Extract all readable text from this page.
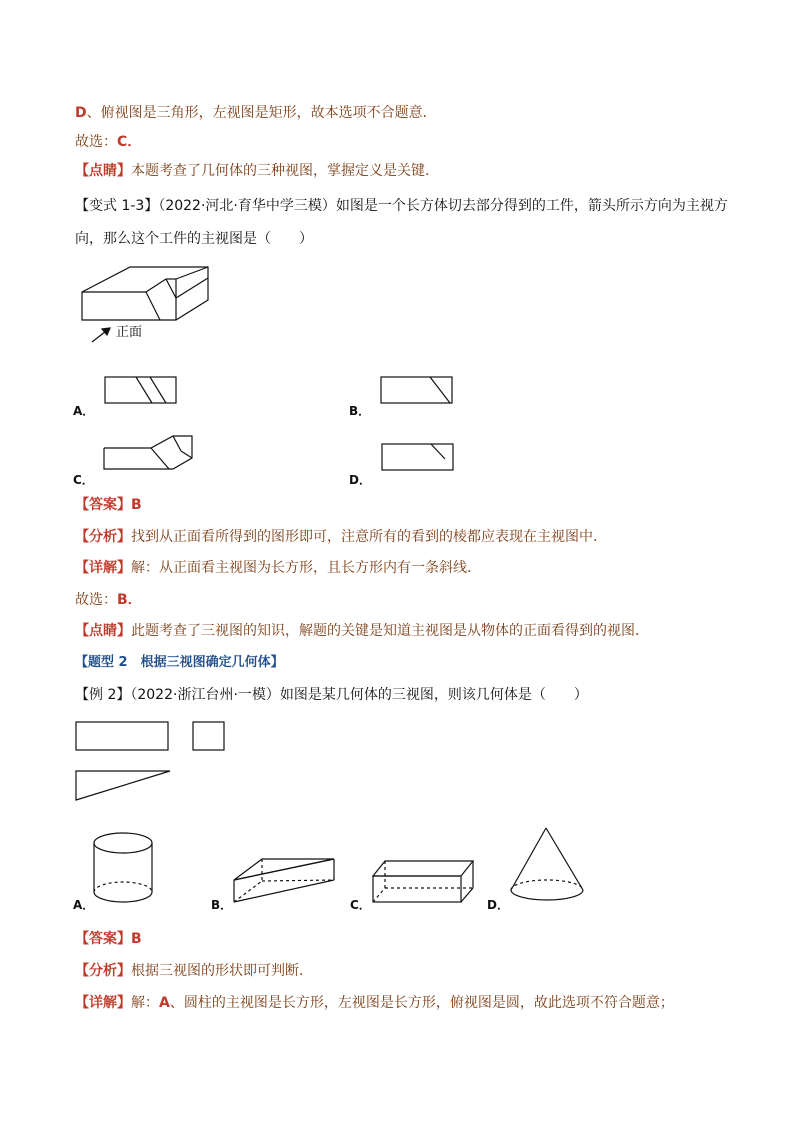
D、俯视图是三角形，左视图是矩形，故本选项不合题意．
故选：C．
【点睛】本题考查了几何体的三种视图，掌握定义是关键．
【变式 1-3】（2022·河北·育华中学三模）如图是一个长方体切去部分得到的工件，箭头所示方向为主视方
向，那么这个工件的主视图是（　　）
正面
A．	B．
C．	D．
【答案】B
【分析】找到从正面看所得到的图形即可，注意所有的看到的棱都应表现在主视图中．
【详解】解：从正面看主视图为长方形，且长方形内有一条斜线．
故选：B．
【点睛】此题考查了三视图的知识，解题的关键是知道主视图是从物体的正面看得到的视图．
【题型 2　根据三视图确定几何体】
【例 2】（2022·浙江台州·一模）如图是某几何体的三视图，则该几何体是（　　）
A．	B．	C．	D．
【答案】B
【分析】根据三视图的形状即可判断．
【详解】解：A、圆柱的主视图是长方形，左视图是长方形，俯视图是圆，故此选项不符合题意；
